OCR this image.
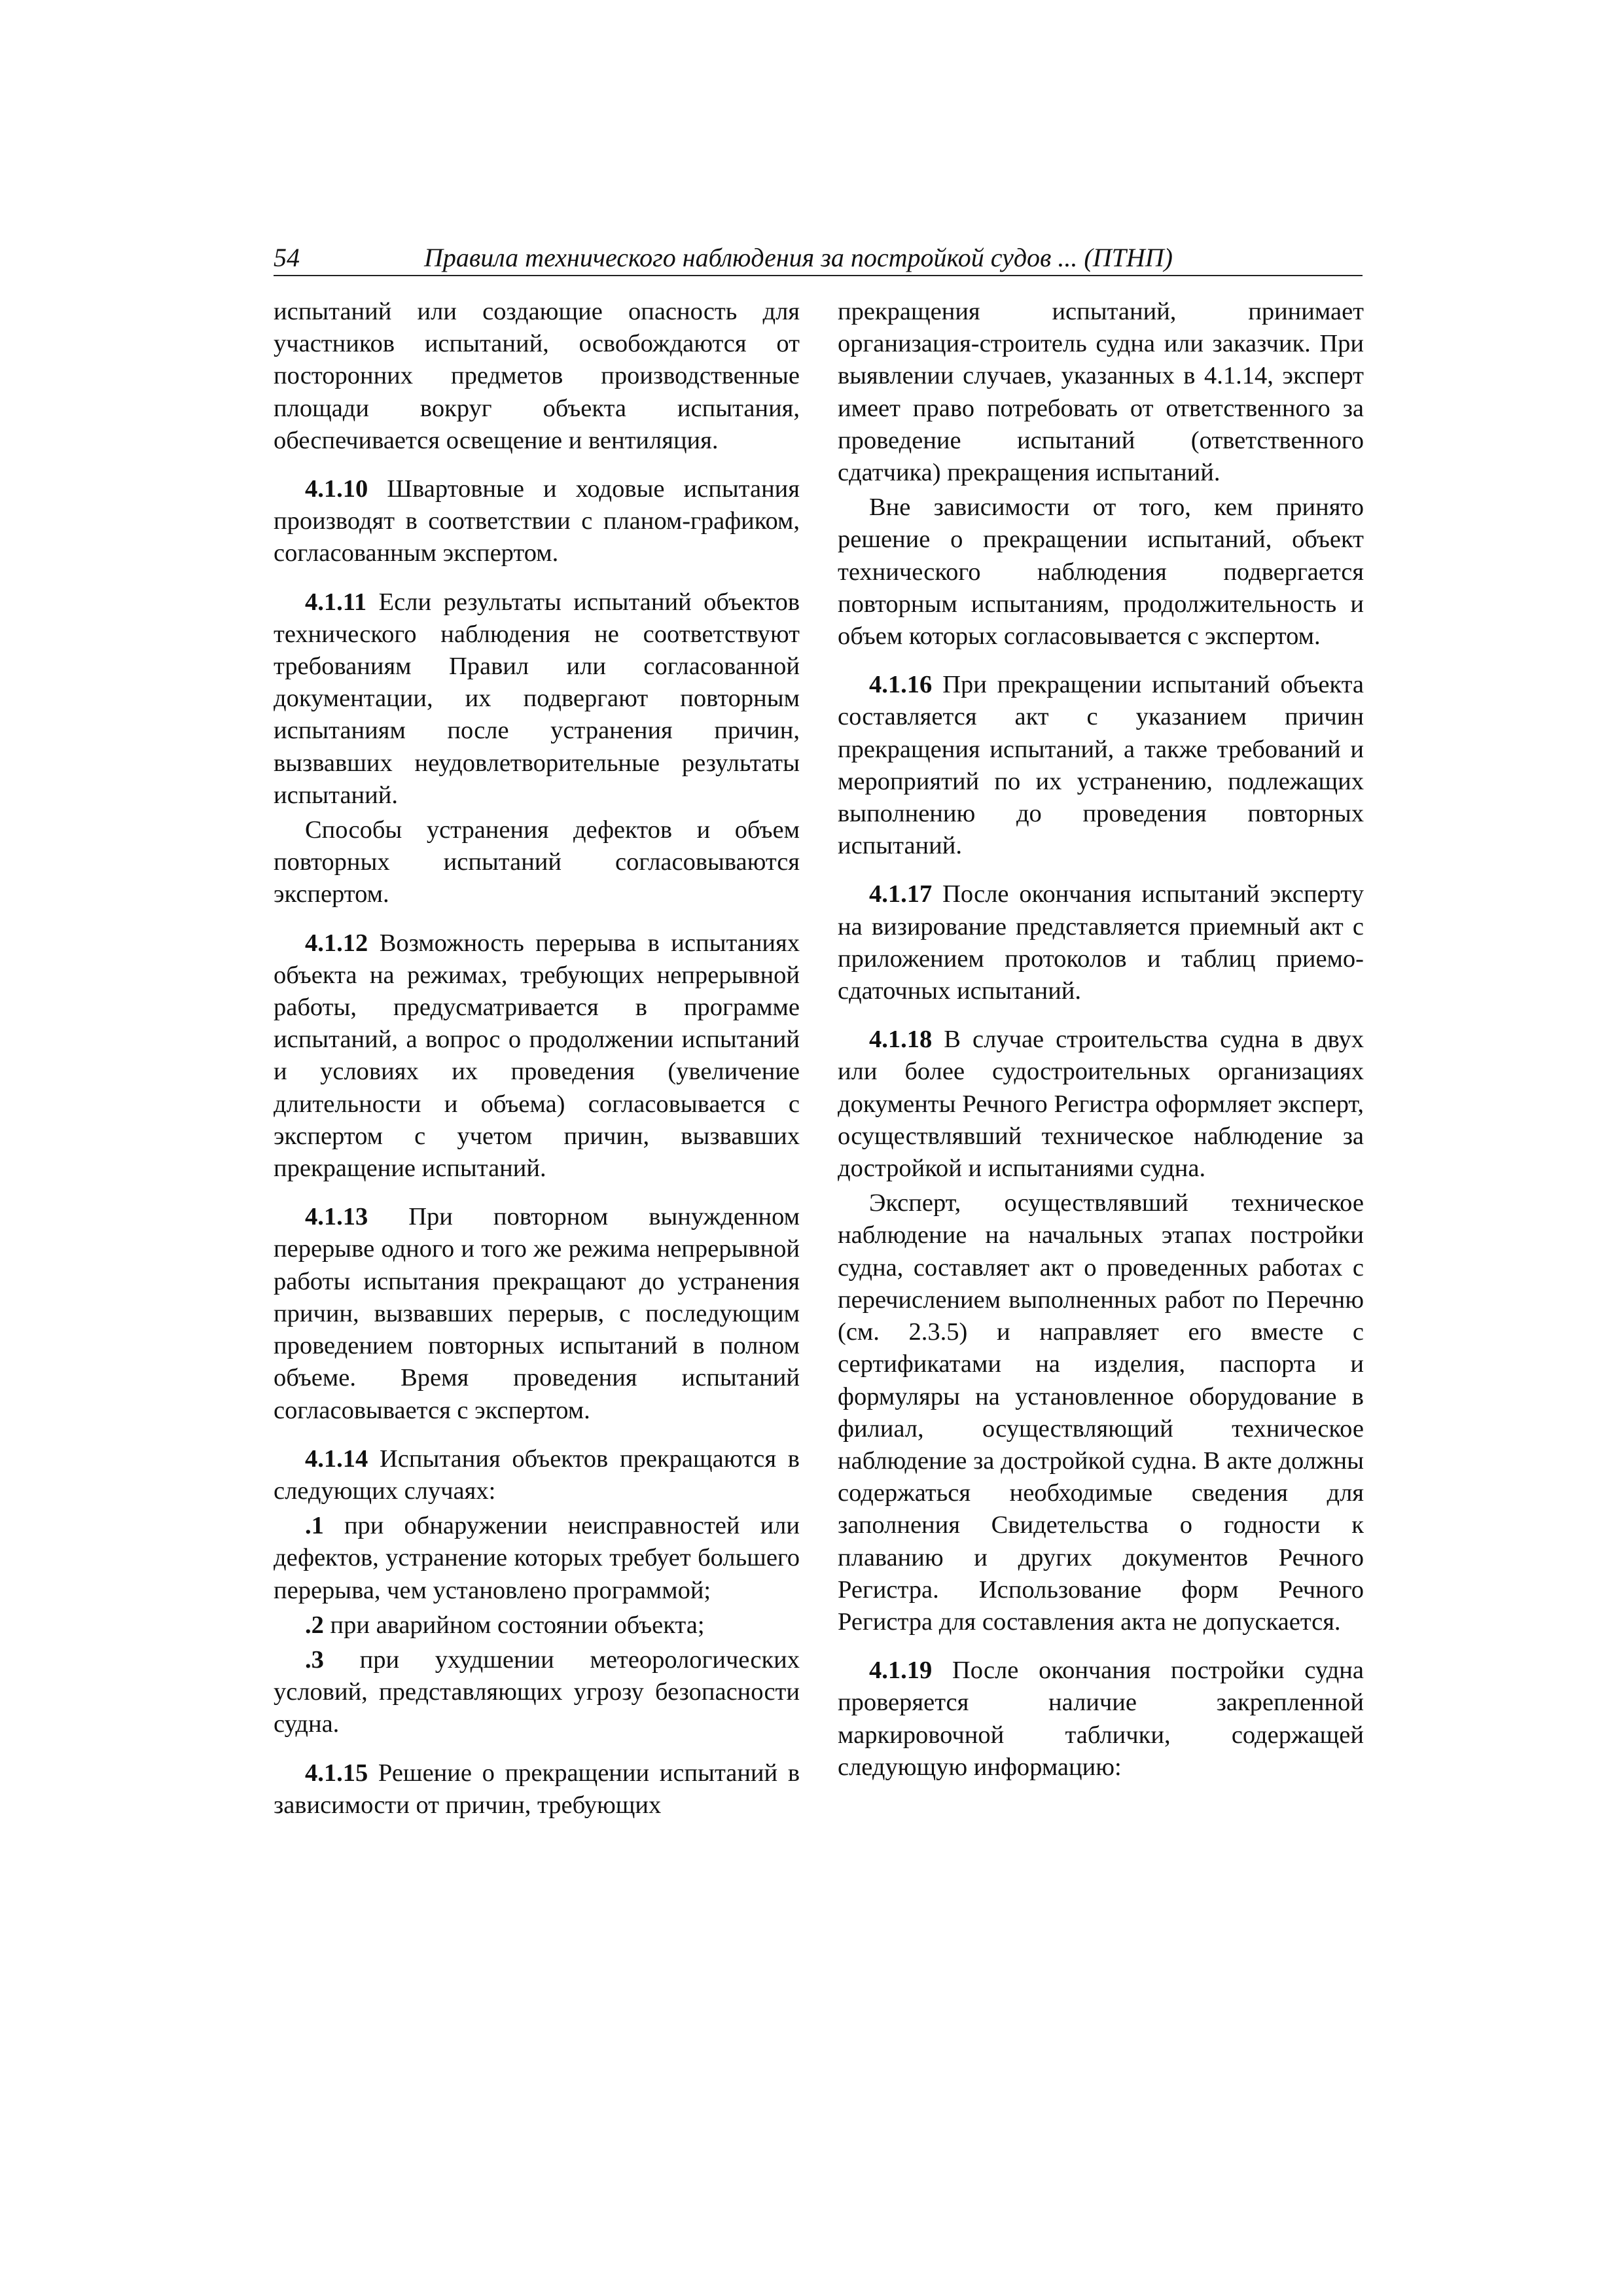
54	Правила технического наблюдения за постройкой судов ... (ПТНП)

испытаний или создающие опасность для участников испытаний, освобождаются от посторонних предметов производственные площади вокруг объекта испытания, обеспечивается освещение и вентиляция.

4.1.10 Швартовные и ходовые испытания производят в соответствии с планом-графиком, согласованным экспертом.

4.1.11 Если результаты испытаний объектов технического наблюдения не соответствуют требованиям Правил или согласованной документации, их подвергают повторным испытаниям после устранения причин, вызвавших неудовлетворительные результаты испытаний.

Способы устранения дефектов и объем повторных испытаний согласовываются экспертом.

4.1.12 Возможность перерыва в испытаниях объекта на режимах, требующих непрерывной работы, предусматривается в программе испытаний, а вопрос о продолжении испытаний и условиях их проведения (увеличение длительности и объема) согласовывается с экспертом с учетом причин, вызвавших прекращение испытаний.

4.1.13 При повторном вынужденном перерыве одного и того же режима непрерывной работы испытания прекращают до устранения причин, вызвавших перерыв, с последующим проведением повторных испытаний в полном объеме. Время проведения испытаний согласовывается с экспертом.

4.1.14 Испытания объектов прекращаются в следующих случаях:

.1 при обнаружении неисправностей или дефектов, устранение которых требует большего перерыва, чем установлено программой;

.2 при аварийном состоянии объекта;

.3 при ухудшении метеорологических условий, представляющих угрозу безопасности судна.

4.1.15 Решение о прекращении испытаний в зависимости от причин, требующих

прекращения испытаний, принимает организация-строитель судна или заказчик. При выявлении случаев, указанных в 4.1.14, эксперт имеет право потребовать от ответственного за проведение испытаний (ответственного сдатчика) прекращения испытаний.

Вне зависимости от того, кем принято решение о прекращении испытаний, объект технического наблюдения подвергается повторным испытаниям, продолжительность и объем которых согласовывается с экспертом.

4.1.16 При прекращении испытаний объекта составляется акт с указанием причин прекращения испытаний, а также требований и мероприятий по их устранению, подлежащих выполнению до проведения повторных испытаний.

4.1.17 После окончания испытаний эксперту на визирование представляется приемный акт с приложением протоколов и таблиц приемо-сдаточных испытаний.

4.1.18 В случае строительства судна в двух или более судостроительных организациях документы Речного Регистра оформляет эксперт, осуществлявший техническое наблюдение за достройкой и испытаниями судна.

Эксперт, осуществлявший техническое наблюдение на начальных этапах постройки судна, составляет акт о проведенных работах с перечислением выполненных работ по Перечню (см. 2.3.5) и направляет его вместе с сертификатами на изделия, паспорта и формуляры на установленное оборудование в филиал, осуществляющий техническое наблюдение за достройкой судна. В акте должны содержаться необходимые сведения для заполнения Свидетельства о годности к плаванию и других документов Речного Регистра. Использование форм Речного Регистра для составления акта не допускается.

4.1.19 После окончания постройки судна проверяется наличие закрепленной маркировочной таблички, содержащей следующую информацию:
